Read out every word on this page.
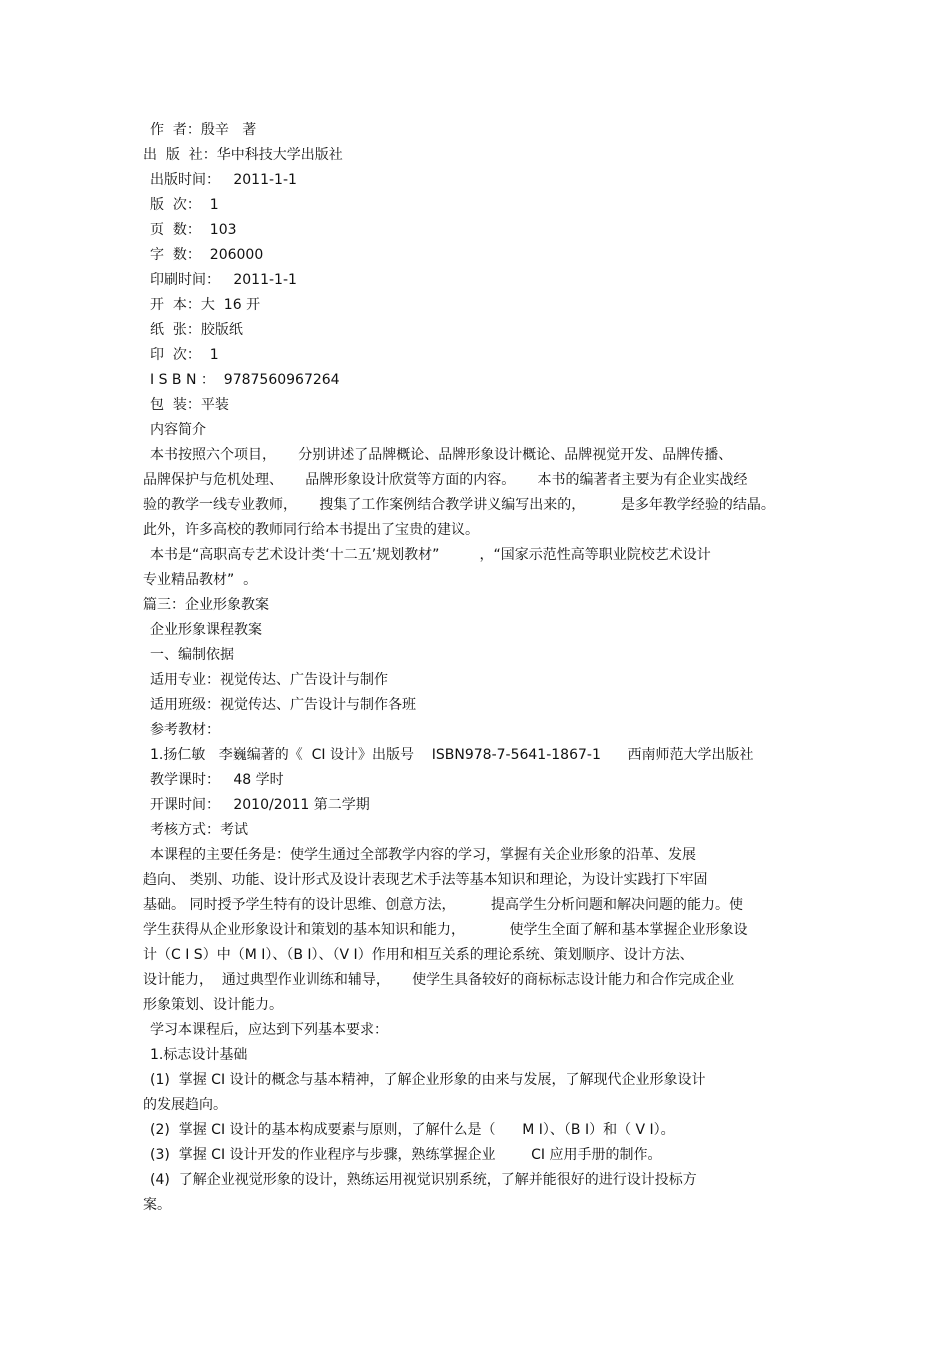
作  者：殷辛   著
出  版  社：华中科技大学出版社
出版时间：   2011-1-1
版  次：  1
页  数：  103
字  数：  206000
印刷时间：   2011-1-1
开  本：大  16 开
纸  张：胶版纸
印  次：  1
I S B N ：  9787560967264
包  装：平装
内容简介
本书按照六个项目，     分别讲述了品牌概论、品牌形象设计概论、品牌视觉开发、品牌传播、
品牌保护与危机处理、     品牌形象设计欣赏等方面的内容。     本书的编著者主要为有企业实战经
验的教学一线专业教师，     搜集了工作案例结合教学讲义编写出来的，        是多年教学经验的结晶。
此外，许多高校的教师同行给本书提出了宝贵的建议。
本书是“高职高专艺术设计类‘十二五’规划教材”         ，“国家示范性高等职业院校艺术设计
专业精品教材”  。
篇三：企业形象教案
企业形象课程教案
一、编制依据
适用专业：视觉传达、广告设计与制作
适用班级：视觉传达、广告设计与制作各班
参考教材：
1.扬仁敏   李巍编著的《  CI 设计》出版号    ISBN978-7-5641-1867-1      西南师范大学出版社
教学课时：   48 学时
开课时间：   2010/2011 第二学期
考核方式：考试
本课程的主要任务是：使学生通过全部教学内容的学习，掌握有关企业形象的沿革、发展
趋向、 类别、功能、设计形式及设计表现艺术手法等基本知识和理论，为设计实践打下牢固
基础。 同时授予学生特有的设计思维、创意方法，        提高学生分析问题和解决问题的能力。使
学生获得从企业形象设计和策划的基本知识和能力，          使学生全面了解和基本掌握企业形象设
计（C I S）中（M I）、（B I）、（V I）作用和相互关系的理论系统、策划顺序、设计方法、
设计能力，  通过典型作业训练和辅导，     使学生具备较好的商标标志设计能力和合作完成企业
形象策划、设计能力。
学习本课程后，应达到下列基本要求：
1.标志设计基础
(1)  掌握 CI 设计的概念与基本精神，了解企业形象的由来与发展，了解现代企业形象设计
的发展趋向。
(2)  掌握 CI 设计的基本构成要素与原则，了解什么是（      M I）、（B I）和（ V I）。
(3)  掌握 CI 设计开发的作业程序与步骤，熟练掌握企业        CI 应用手册的制作。
(4)  了解企业视觉形象的设计，熟练运用视觉识别系统，了解并能很好的进行设计投标方
案。
